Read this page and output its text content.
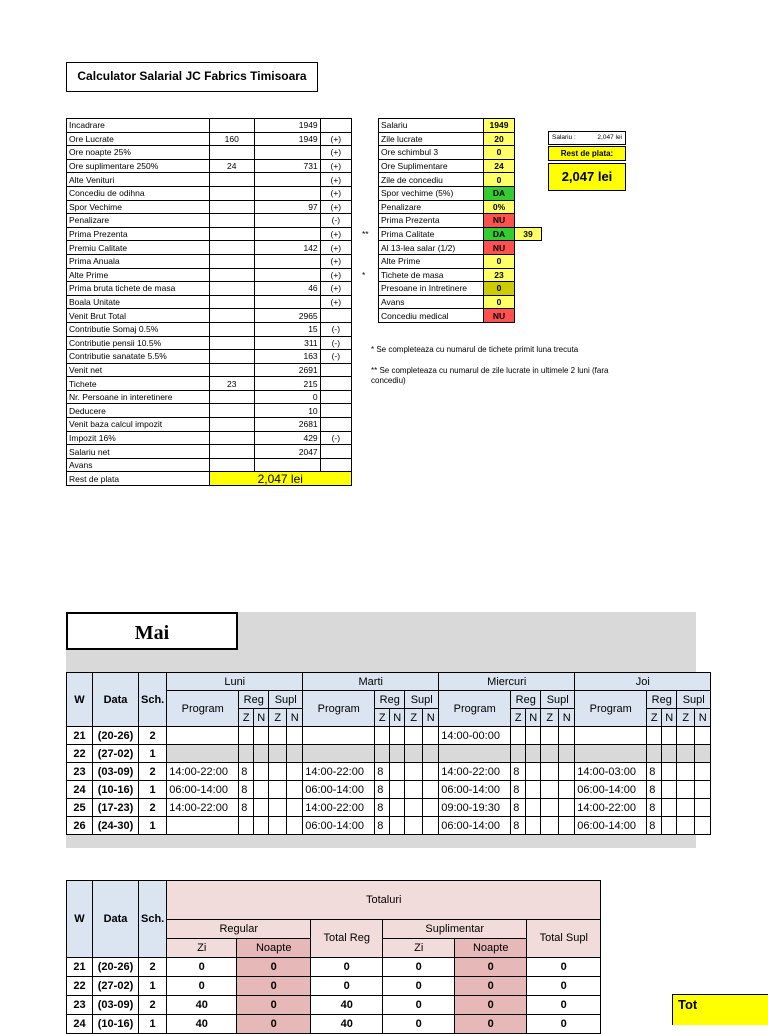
Calculator Salarial JC Fabrics Timisoara
Incadrare		1949	
Ore Lucrate	160	1949	(+)
Ore noapte 25%			(+)
Ore suplimentare 250%	24	731	(+)
Alte Venituri			(+)
Concediu de odihna			(+)
Spor Vechime		97	(+)
Penalizare			(-)
Prima Prezenta			(+)
Premiu Calitate		142	(+)
Prima Anuala			(+)
Alte Prime			(+)
Prima bruta tichete de masa		46	(+)
Boala Unitate			(+)
Venit Brut Total		2965	
Contributie Somaj 0.5%		15	(-)
Contributie pensii 10.5%		311	(-)
Contributie sanatate 5.5%		163	(-)
Venit net		2691	
Tichete	23	215	
Nr. Persoane in interetinere		0	
Deducere		10	
Venit baza calcul impozit		2681	
Impozit 16%		429	(-)
Salariu net		2047	
Avans			
Rest de plata	2,047 lei		
	Salariu	1949	
	Zile lucrate	20	
	Ore schimbul 3	0	
	Ore Suplimentare	24	
	Zile de concediu	0	
	Spor vechime (5%)	DA	
	Penalizare	0%	
	Prima Prezenta	NU	
**	Prima Calitate	DA	39
	Al 13-lea salar (1/2)	NU	
	Alte Prime	0	
*	Tichete de masa	23	
	Presoane in Intretinere	0	
	Avans	0	
	Concediu medical	NU	
Salariu :	2,047 lei
Rest de plata:
2,047 lei
* Se completeaza cu numarul de tichete primit luna trecuta
** Se completeaza cu numarul de zile lucrate in ultimele 2 luni (fara concediu)
Mai
W	Data	Sch.	Luni					Marti					Miercuri					Joi				
			Program	Reg		Supl		Program	Reg		Supl		Program	Reg		Supl		Program	Reg		Supl	
				Z	N	Z	N		Z	N	Z	N		Z	N	Z	N		Z	N	Z	N
21	(20-26)	2											14:00-00:00									
22	(27-02)	1																				
23	(03-09)	2	14:00-22:00	8				14:00-22:00	8				14:00-22:00	8				14:00-03:00	8			
24	(10-16)	1	06:00-14:00	8				06:00-14:00	8				06:00-14:00	8				06:00-14:00	8			
25	(17-23)	2	14:00-22:00	8				14:00-22:00	8				09:00-19:30	8				14:00-22:00	8			
26	(24-30)	1						06:00-14:00	8				06:00-14:00	8				06:00-14:00	8			
W	Data	Sch.	Totaluri					
			Regular		Total Reg	Suplimentar		Total Supl
			Zi	Noapte		Zi	Noapte	
21	(20-26)	2	0	0	0	0	0	0
22	(27-02)	1	0	0	0	0	0	0
23	(03-09)	2	40	0	40	0	0	0
24	(10-16)	1	40	0	40	0	0	0
Tot
